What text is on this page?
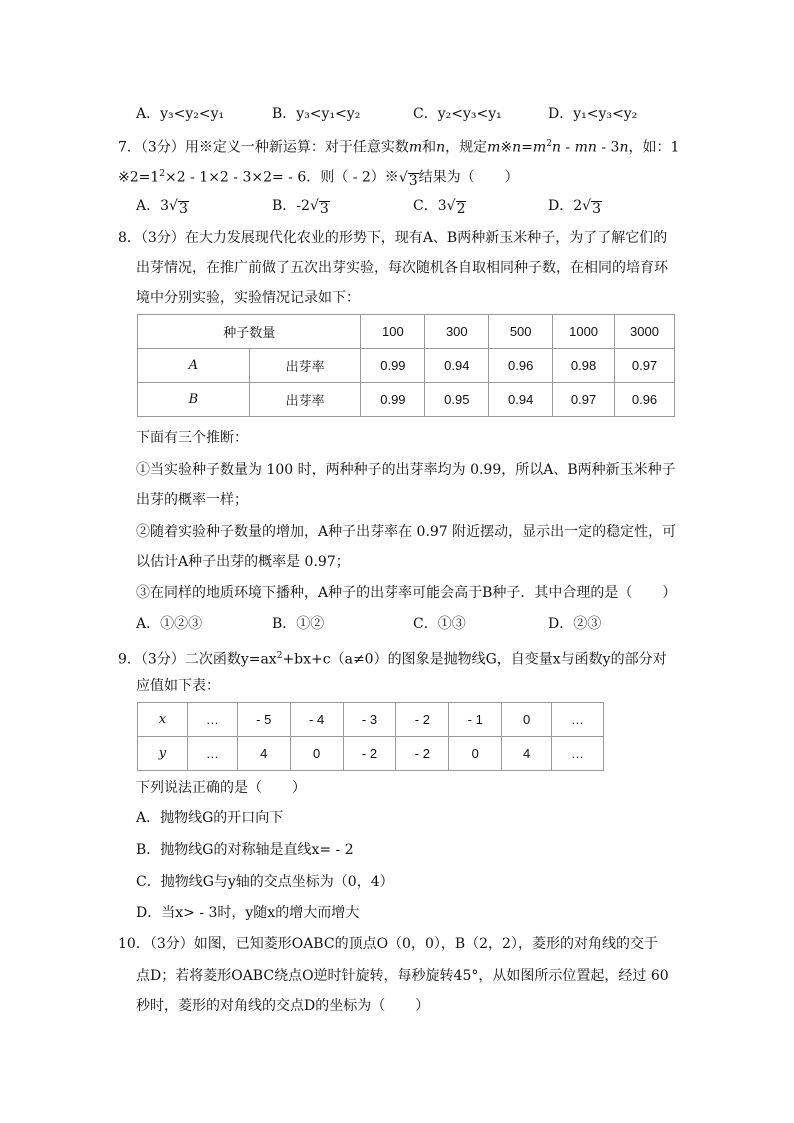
A．y₃<y₂<y₁	B．y₃<y₁<y₂	C．y₂<y₃<y₁	D．y₁<y₃<y₂
7．（3分）用※定义一种新运算：对于任意实数m和n，规定$m※n=m^2n$ - mn - 3n，如：1
$※2=1^2\times 2 - 1\times 2 - 3\times 2= - 6$．则（ - 2）※ √ 3 结果为（ ）
A．3 √ 3	B．-2 √ 3	C．3 √ 2	D．2 √ 3
8．（3分）在大力发展现代化农业的形势下，现有A、B两种新玉米种子，为了了解它们的
出芽情况，在推广前做了五次出芽实验，每次随机各自取相同种子数，在相同的培育环
境中分别实验，实验情况记录如下：
种子数量		100	300	500	1000	3000
A	出芽率	0.99	0.94	0.96	0.98	0.97
B	出芽率	0.99	0.95	0.94	0.97	0.96
下面有三个推断：
①当实验种子数量为 100 时，两种种子的出芽率均为 0.99，所以A、B两种新玉米种子
出芽的概率一样；
②随着实验种子数量的增加，A种子出芽率在 0.97 附近摆动，显示出一定的稳定性，可
以估计A种子出芽的概率是 0.97；
③在同样的地质环境下播种，A种子的出芽率可能会高于B种子．其中合理的是（ ）
A．①②③	B．①②	C．①③	D．②③
9．（3分）二次函数$y=ax^2+bx+c(a\ne 0)$的图象是抛物线G，自变量x与函数y的部分对
应值如下表：
x	…	- 5	- 4	- 3	- 2	- 1	0	…
y	…	4	0	- 2	- 2	0	4	…
下列说法正确的是（ ）
A．抛物线G的开口向下
B．抛物线G的对称轴是直线x= - 2
C．抛物线G与y轴的交点坐标为（0，4）
D．当x> - 3时，y随x的增大而增大
10．（3分）如图，已知菱形OABC的顶点O（0，0），B（2，2），菱形的对角线的交于
点D；若将菱形OABC绕点O逆时针旋转，每秒旋转45°，从如图所示位置起，经过 60
秒时，菱形的对角线的交点D的坐标为（ ）
